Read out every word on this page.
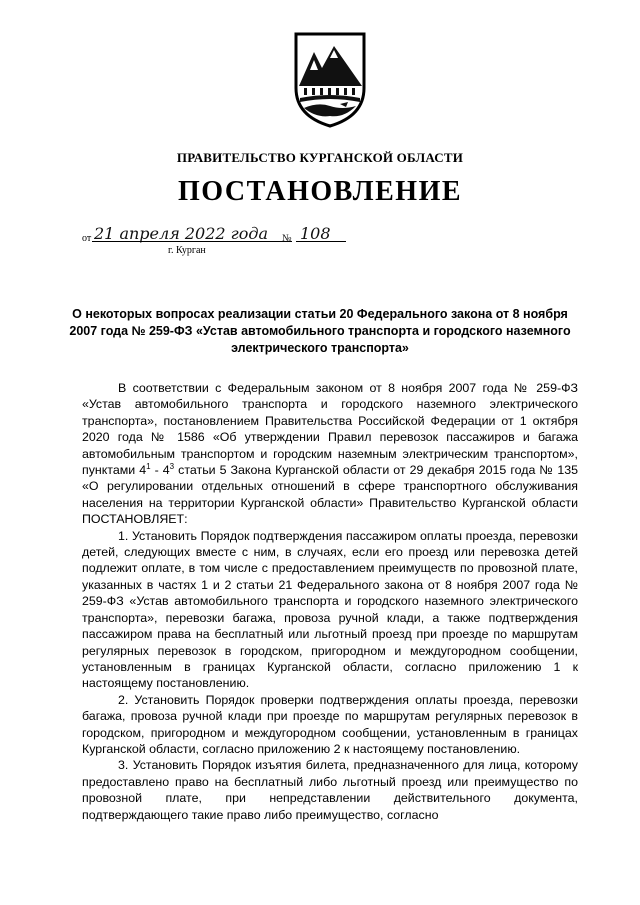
ПРАВИТЕЛЬСТВО КУРГАНСКОЙ ОБЛАСТИ
ПОСТАНОВЛЕНИЕ
от 21 апреля 2022 года № 108
г. Курган
О некоторых вопросах реализации статьи 20 Федерального закона от 8 ноября 2007 года № 259-ФЗ «Устав автомобильного транспорта и городского наземного электрического транспорта»

В соответствии с Федеральным законом от 8 ноября 2007 года № 259-ФЗ «Устав автомобильного транспорта и городского наземного электрического транспорта», постановлением Правительства Российской Федерации от 1 октября 2020 года № 1586 «Об утверждении Правил перевозок пассажиров и багажа автомобильным транспортом и городским наземным электрическим транспортом», пунктами $4^1 - 4^3$ статьи 5 Закона Курганской области от 29 декабря 2015 года № 135 «О регулировании отдельных отношений в сфере транспортного обслуживания населения на территории Курганской области» Правительство Курганской области ПОСТАНОВЛЯЕТ:

1. Установить Порядок подтверждения пассажиром оплаты проезда, перевозки детей, следующих вместе с ним, в случаях, если его проезд или перевозка детей подлежит оплате, в том числе с предоставлением преимуществ по провозной плате, указанных в частях 1 и 2 статьи 21 Федерального закона от 8 ноября 2007 года № 259-ФЗ «Устав автомобильного транспорта и городского наземного электрического транспорта», перевозки багажа, провоза ручной клади, а также подтверждения пассажиром права на бесплатный или льготный проезд при проезде по маршрутам регулярных перевозок в городском, пригородном и междугородном сообщении, установленным в границах Курганской области, согласно приложению 1 к настоящему постановлению.

2. Установить Порядок проверки подтверждения оплаты проезда, перевозки багажа, провоза ручной клади при проезде по маршрутам регулярных перевозок в городском, пригородном и междугородном сообщении, установленным в границах Курганской области, согласно приложению 2 к настоящему постановлению.

3. Установить Порядок изъятия билета, предназначенного для лица, которому предоставлено право на бесплатный либо льготный проезд или преимущество по провозной плате, при непредставлении действительного документа, подтверждающего такие право либо преимущество, согласно
